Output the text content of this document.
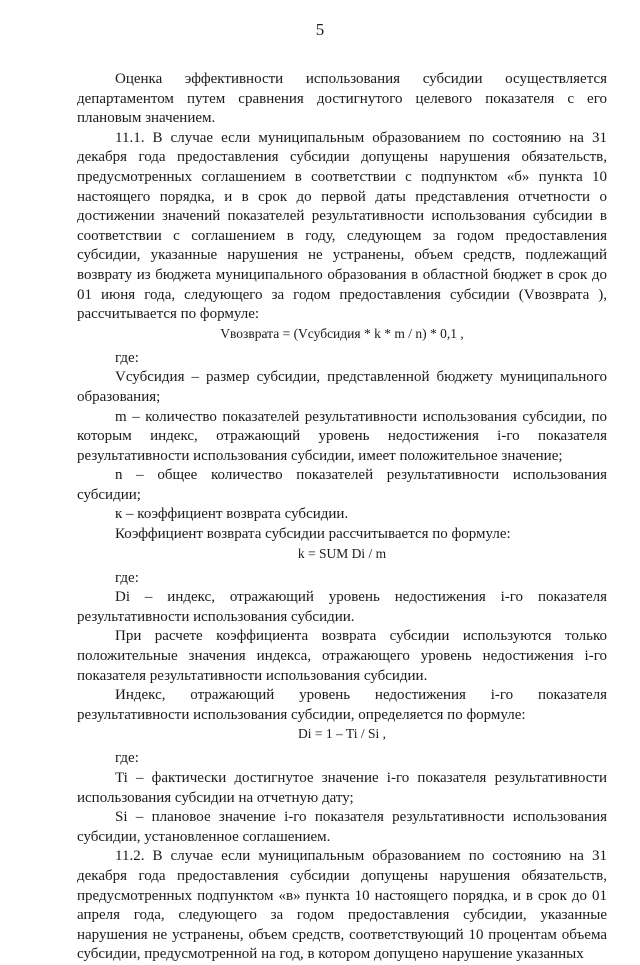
5

Оценка эффективности использования субсидии осуществляется департаментом путем сравнения достигнутого целевого показателя с его плановым значением.

11.1. В случае если муниципальным образованием по состоянию на 31 декабря года предоставления субсидии допущены нарушения обязательств, предусмотренных соглашением в соответствии с подпунктом «б» пункта 10 настоящего порядка, и в срок до первой даты представления отчетности о достижении значений показателей результативности использования субсидии в соответствии с соглашением в году, следующем за годом предоставления субсидии, указанные нарушения не устранены, объем средств, подлежащий возврату из бюджета муниципального образования в областной бюджет в срок до 01 июня года, следующего за годом предоставления субсидии (Vвозврата ), рассчитывается по формуле:

Vвозврата = (Vсубсидия * k * m / n) * 0,1 ,

где:

Vсубсидия – размер субсидии, представленной бюджету муниципального образования;

m – количество показателей результативности использования субсидии, по которым индекс, отражающий уровень недостижения i-го показателя результативности использования субсидии, имеет положительное значение;

n – общее количество показателей результативности использования субсидии;

к – коэффициент возврата субсидии.

Коэффициент возврата субсидии рассчитывается по формуле:

k = SUM Di / m

где:

Di – индекс, отражающий уровень недостижения i-го показателя результативности использования субсидии.

При расчете коэффициента возврата субсидии используются только положительные значения индекса, отражающего уровень недостижения i-го показателя результативности использования субсидии.

Индекс, отражающий уровень недостижения i-го показателя результативности использования субсидии, определяется по формуле:

Di = 1 – Ti / Si ,

где:

Ti – фактически достигнутое значение i-го показателя результативности использования субсидии на отчетную дату;

Si – плановое значение i-го показателя результативности использования субсидии, установленное соглашением.

11.2. В случае если муниципальным образованием по состоянию на 31 декабря года предоставления субсидии допущены нарушения обязательств, предусмотренных подпунктом «в» пункта 10 настоящего порядка, и в срок до 01 апреля года, следующего за годом предоставления субсидии, указанные нарушения не устранены, объем средств, соответствующий 10 процентам объема субсидии, предусмотренной на год, в котором допущено нарушение указанных
